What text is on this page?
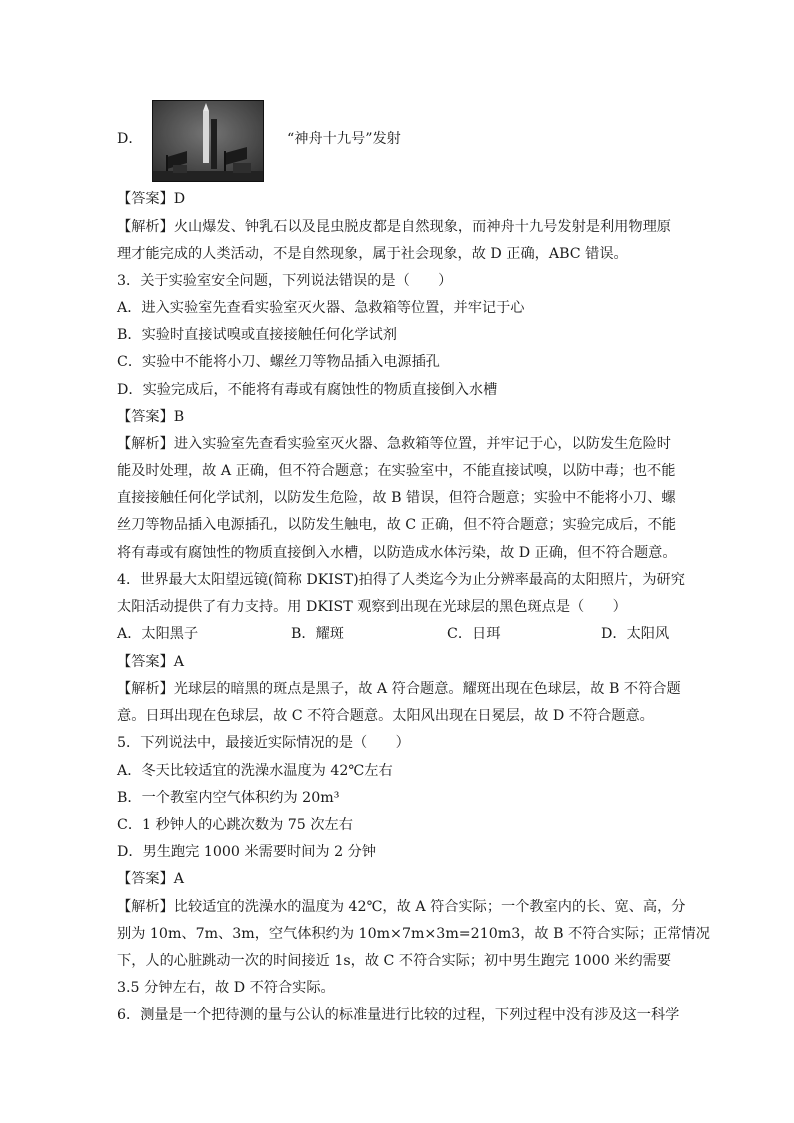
D．	“神舟十九号”发射
【答案】D
【解析】火山爆发、钟乳石以及昆虫脱皮都是自然现象，而神舟十九号发射是利用物理原
理才能完成的人类活动，不是自然现象，属于社会现象，故 D 正确，ABC 错误。
3．关于实验室安全问题，下列说法错误的是（　　）
A．进入实验室先查看实验室灭火器、急救箱等位置，并牢记于心
B．实验时直接试嗅或直接接触任何化学试剂
C．实验中不能将小刀、螺丝刀等物品插入电源插孔
D．实验完成后，不能将有毒或有腐蚀性的物质直接倒入水槽
【答案】B
【解析】进入实验室先查看实验室灭火器、急救箱等位置，并牢记于心，以防发生危险时
能及时处理，故 A 正确，但不符合题意；在实验室中，不能直接试嗅，以防中毒；也不能
直接接触任何化学试剂，以防发生危险，故 B 错误，但符合题意；实验中不能将小刀、螺
丝刀等物品插入电源插孔，以防发生触电，故 C 正确，但不符合题意；实验完成后，不能
将有毒或有腐蚀性的物质直接倒入水槽，以防造成水体污染，故 D 正确，但不符合题意。
4．世界最大太阳望远镜(简称 DKIST)拍得了人类迄今为止分辨率最高的太阳照片，为研究
太阳活动提供了有力支持。用 DKIST 观察到出现在光球层的黑色斑点是（　　）
A．太阳黑子	B．耀斑	C．日珥	D．太阳风
【答案】A
【解析】光球层的暗黑的斑点是黑子，故 A 符合题意。耀斑出现在色球层，故 B 不符合题
意。日珥出现在色球层，故 C 不符合题意。太阳风出现在日冕层，故 D 不符合题意。
5．下列说法中，最接近实际情况的是（　　）
A．冬天比较适宜的洗澡水温度为 42℃左右
B．一个教室内空气体积约为 20m³
C．1 秒钟人的心跳次数为 75 次左右
D．男生跑完 1000 米需要时间为 2 分钟
【答案】A
【解析】比较适宜的洗澡水的温度为 42℃，故 A 符合实际；一个教室内的长、宽、高，分
别为 10m、7m、3m，空气体积约为 10m×7m×3m=210m3，故 B 不符合实际；正常情况
下，人的心脏跳动一次的时间接近 1s，故 C 不符合实际；初中男生跑完 1000 米约需要
3.5 分钟左右，故 D 不符合实际。
6．测量是一个把待测的量与公认的标准量进行比较的过程，下列过程中没有涉及这一科学
